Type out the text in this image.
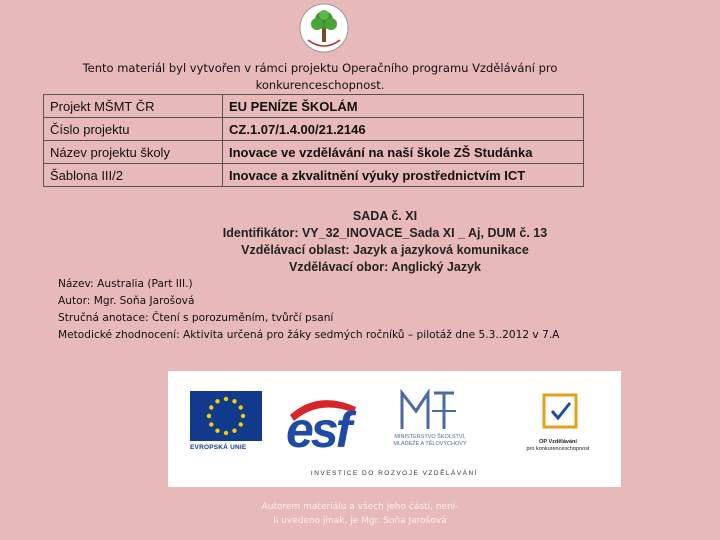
Tento materiál byl vytvořen v rámci projektu Operačního programu Vzdělávání pro
konkurenceschopnost.
Projekt MŠMT ČR	EU PENÍZE ŠKOLÁM
Číslo projektu	CZ.1.07/1.4.00/21.2146
Název projektu školy	Inovace ve vzdělávání na naší škole ZŠ Studánka
Šablona III/2	Inovace a zkvalitnění výuky prostřednictvím ICT
SADA č. XI
Identifikátor: VY_32_INOVACE_Sada XI _ Aj, DUM č. 13
Vzdělávací oblast: Jazyk a jazyková komunikace
Vzdělávací obor: Anglický Jazyk
Název: Australia (Part III.)
Autor: Mgr. Soňa Jarošová
Stručná anotace: Čtení s porozuměním, tvůrčí psaní
Metodické zhodnocení: Aktivita určená pro žáky sedmých ročníků – pilotáž dne 5.3..2012 v 7.A
EVROPSKÁ UNIE esf	MINISTERSTVO ŠKOLSTVÍ,
MLÁDEŽE A TĚLOVÝCHOVY	OP Vzdělávání
pro konkurenceschopnost
INVESTICE DO ROZVOJE VZDĚLÁVÁNÍ
Autorem materiálu a všech jeho částí, není-
li uvedeno jinak, je Mgr. Soňa Jarošová
